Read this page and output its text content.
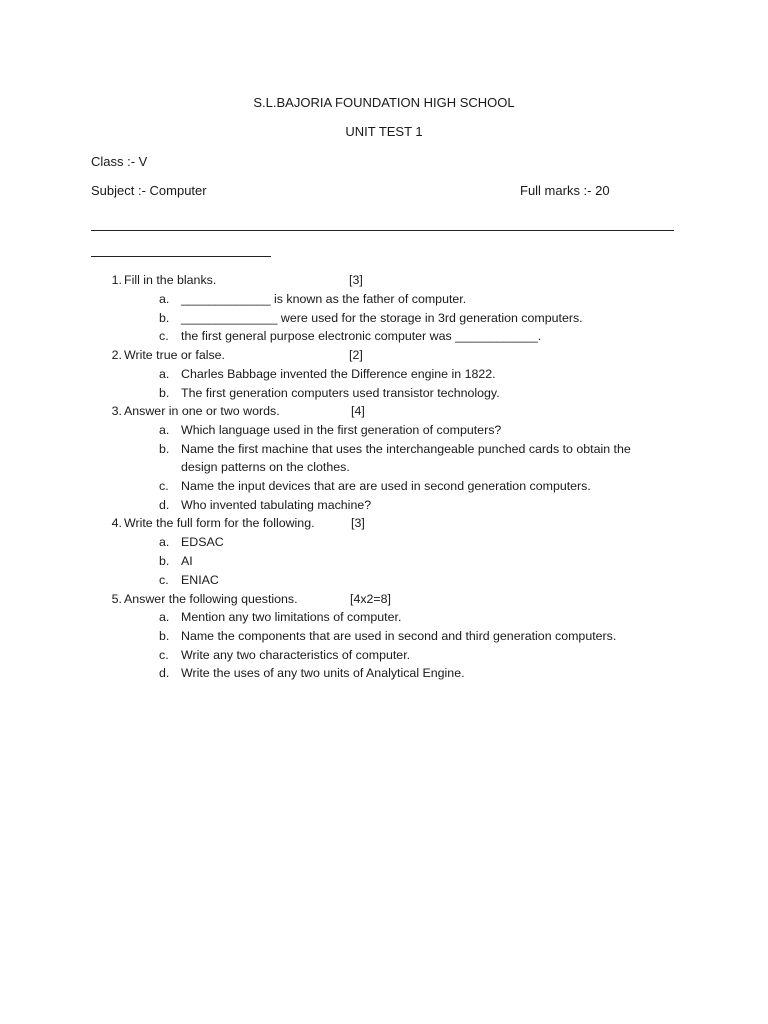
S.L.BAJORIA FOUNDATION HIGH SCHOOL
UNIT TEST 1
Class :- V
Subject :- Computer	Full marks :- 20
1. Fill in the blanks.	[3]
a. _____________ is known as the father of computer.
b. ______________ were used for the storage in 3rd generation computers.
c. the first general purpose electronic computer was ____________.
2. Write true or false.	[2]
a. Charles Babbage invented the Difference engine in 1822.
b. The first generation computers used transistor technology.
3. Answer in one or two words.	[4]
a. Which language used in the first generation of computers?
b. Name the first machine that uses the interchangeable punched cards to obtain the
design patterns on the clothes.
c. Name the input devices that are are used in second generation computers.
d. Who invented tabulating machine?
4. Write the full form for the following.	[3]
a. EDSAC
b. AI
c. ENIAC
5. Answer the following questions.	[4x2=8]
a. Mention any two limitations of computer.
b. Name the components that are used in second and third generation computers.
c. Write any two characteristics of computer.
d. Write the uses of any two units of Analytical Engine.
